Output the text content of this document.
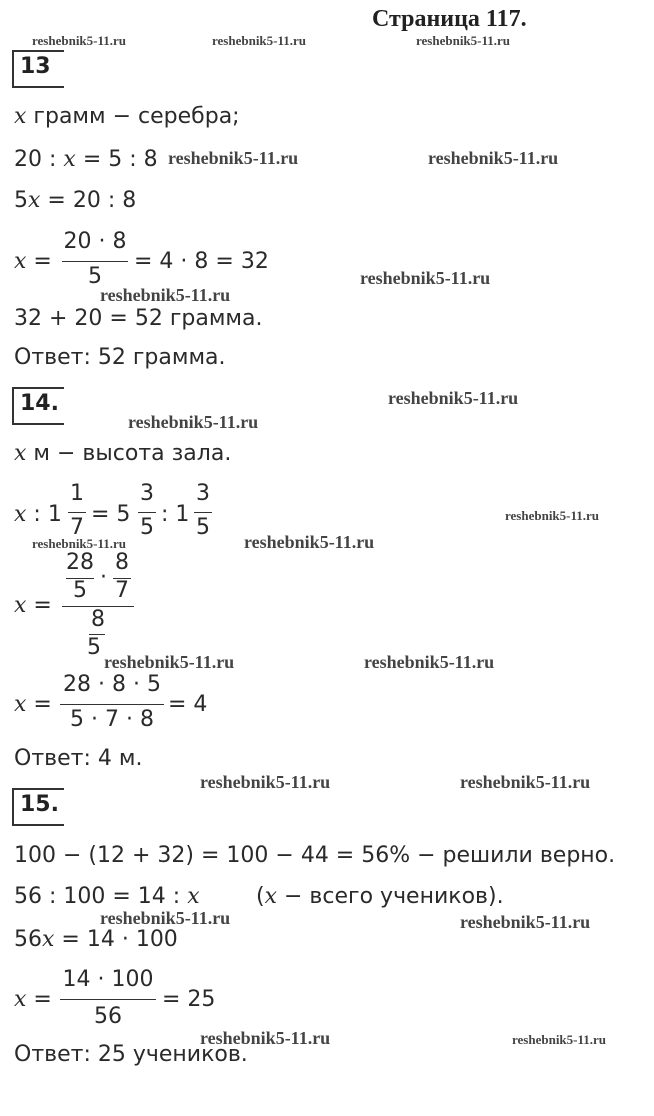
Страница 117.
reshebnik5-11.ru	reshebnik5-11.ru	reshebnik5-11.ru
reshebnik5-11.ru	reshebnik5-11.ru
reshebnik5-11.ru
reshebnik5-11.ru
reshebnik5-11.ru
reshebnik5-11.ru
reshebnik5-11.ru
reshebnik5-11.ru	reshebnik5-11.ru
reshebnik5-11.ru	reshebnik5-11.ru
reshebnik5-11.ru	reshebnik5-11.ru
reshebnik5-11.ru	reshebnik5-11.ru
reshebnik5-11.ru	reshebnik5-11.ru
13
x грамм − серебра;
20 : x = 5 : 8
5x = 20 : 8
x =
20 · 8
5
= 4 · 8 = 32
32 + 20 = 52 грамма.
Ответ: 52 грамма.
14.
x м − высота зала.
x : 1
1
7
= 5
3
5
: 1
3
5
x =
28
5
·
8
7
8
5
x =
28 · 8 · 5
5 · 7 · 8
= 4
Ответ: 4 м.
15.
100 − (12 + 32) = 100 − 44 = 56% − решили верно.
56 : 100 = 14 : x	(x − всего учеников).
56x = 14 · 100
x =
14 · 100
56
= 25
Ответ: 25 учеников.
